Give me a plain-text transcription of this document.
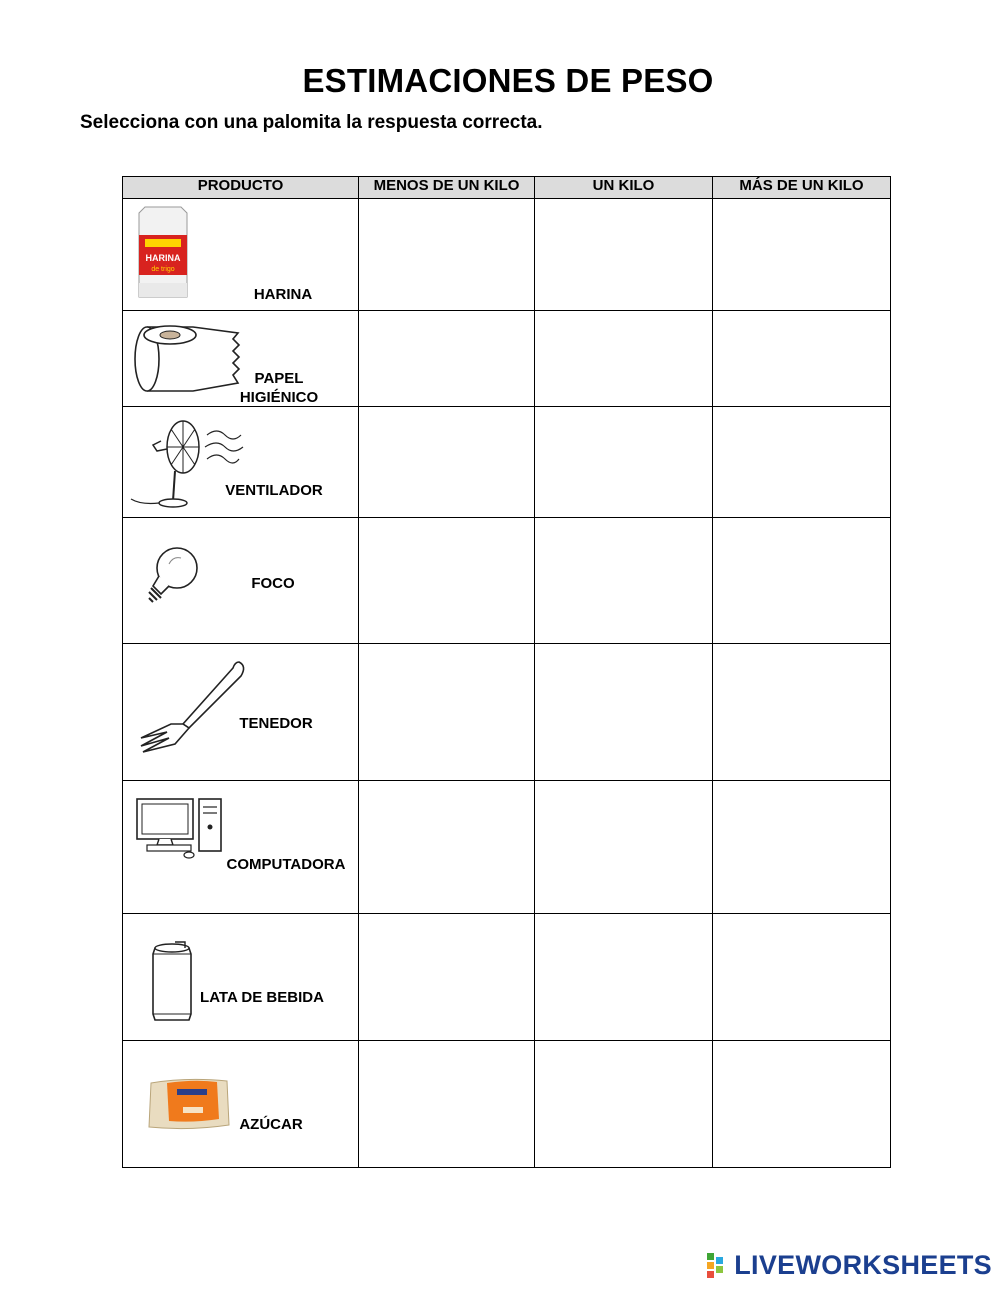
ESTIMACIONES DE PESO
Selecciona con una palomita la respuesta correcta.
PRODUCTO	MENOS DE UN KILO	UN KILO	MÁS DE UN KILO

HARINA
de trigo
HARINA			

PAPEL HIGIÉNICO			

VENTILADOR			

FOCO			

TENEDOR			

COMPUTADORA			

LATA DE BEBIDA			

AZÚCAR			

LIVEWORKSHEETS
